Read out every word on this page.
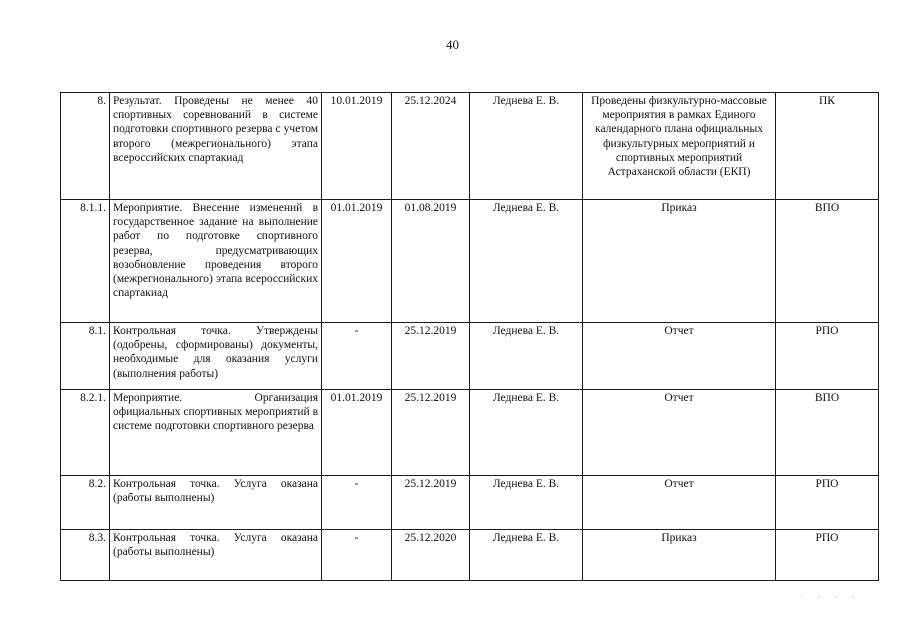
40
8.	Результат. Проведены не менее 40 спортивных соревнований в системе подготовки спортивного резерва с учетом второго (межрегионального) этапа всероссийских спартакиад	10.01.2019	25.12.2024	Леднева Е. В.	Проведены физкультурно-массовые мероприятия в рамках Единого календарного плана официальных физкультурных мероприятий и спортивных мероприятий Астраханской области (ЕКП)	ПК
8.1.1.	Мероприятие. Внесение изменений в государственное задание на выполнение работ по подготовке спортивного резерва, предусматривающих возобновление проведения второго (межрегионального) этапа всероссийских спартакиад	01.01.2019	01.08.2019	Леднева Е. В.	Приказ	ВПО
8.1.	Контрольная точка. Утверждены (одобрены, сформированы) документы, необходимые для оказания услуги (выполнения работы)	-	25.12.2019	Леднева Е. В.	Отчет	РПО
8.2.1.	Мероприятие. Организация официальных спортивных мероприятий в системе подготовки спортивного резерва	01.01.2019	25.12.2019	Леднева Е. В.	Отчет	ВПО
8.2.	Контрольная точка. Услуга оказана (работы выполнены)	-	25.12.2019	Леднева Е. В.	Отчет	РПО
8.3.	Контрольная точка. Услуга оказана (работы выполнены)	-	25.12.2020	Леднева Е. В.	Приказ	РПО
· · · ·
